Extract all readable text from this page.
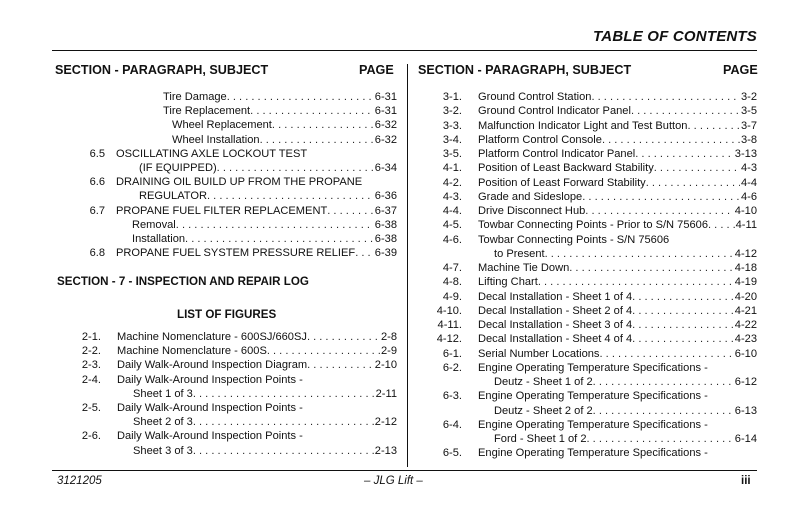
TABLE OF CONTENTS
SECTION - PARAGRAPH, SUBJECT	PAGE SECTION - PARAGRAPH, SUBJECT	PAGE
Tire Damage . . .	6-31
Tire Replacement . . .	6-31
Wheel Replacement . . .	6-32
Wheel Installation . . .	6-32
6.5 OSCILLATING AXLE LOCKOUT TEST
(IF EQUIPPED) . . .	6-34
6.6 DRAINING OIL BUILD UP FROM THE PROPANE
REGULATOR . . .	6-36
6.7 PROPANE FUEL FILTER REPLACEMENT . . .	6-37
Removal . . .	6-38
Installation . . .	6-38
6.8 PROPANE FUEL SYSTEM PRESSURE RELIEF . . . 6-39
SECTION - 7 - INSPECTION AND REPAIR LOG
LIST OF FIGURES
2-1. Machine Nomenclature - 600SJ/660SJ . . .	2-8
2-2. Machine Nomenclature - 600S . . .	2-9
2-3. Daily Walk-Around Inspection Diagram . . .	2-10
2-4. Daily Walk-Around Inspection Points -
Sheet 1 of 3 . . .	2-11
2-5. Daily Walk-Around Inspection Points -
Sheet 2 of 3 . . .	2-12
2-6. Daily Walk-Around Inspection Points -
Sheet 3 of 3 . . .	2-13
3-1. Ground Control Station . . .	3-2
3-2. Ground Control Indicator Panel . . .	3-5
3-3. Malfunction Indicator Light and Test Button . . .	3-7
3-4. Platform Control Console . . .	3-8
3-5. Platform Control Indicator Panel . . .	3-13
4-1. Position of Least Backward Stability . . .	4-3
4-2. Position of Least Forward Stability . . .	4-4
4-3. Grade and Sideslope . . .	4-6
4-4. Drive Disconnect Hub . . .	4-10
4-5. Towbar Connecting Points - Prior to S/N 75606 . . . 4-11
4-6. Towbar Connecting Points - S/N 75606
to Present . . .	4-12
4-7. Machine Tie Down . . .	4-18
4-8. Lifting Chart . . .	4-19
4-9. Decal Installation - Sheet 1 of 4 . . .	4-20
4-10. Decal Installation - Sheet 2 of 4 . . .	4-21
4-11. Decal Installation - Sheet 3 of 4 . . .	4-22
4-12. Decal Installation - Sheet 4 of 4 . . .	4-23
6-1. Serial Number Locations . . .	6-10
6-2. Engine Operating Temperature Specifications -
Deutz - Sheet 1 of 2 . . .	6-12
6-3. Engine Operating Temperature Specifications -
Deutz - Sheet 2 of 2 . . .	6-13
6-4. Engine Operating Temperature Specifications -
Ford - Sheet 1 of 2 . . .	6-14
6-5. Engine Operating Temperature Specifications -
3121205	– JLG Lift –	iii
